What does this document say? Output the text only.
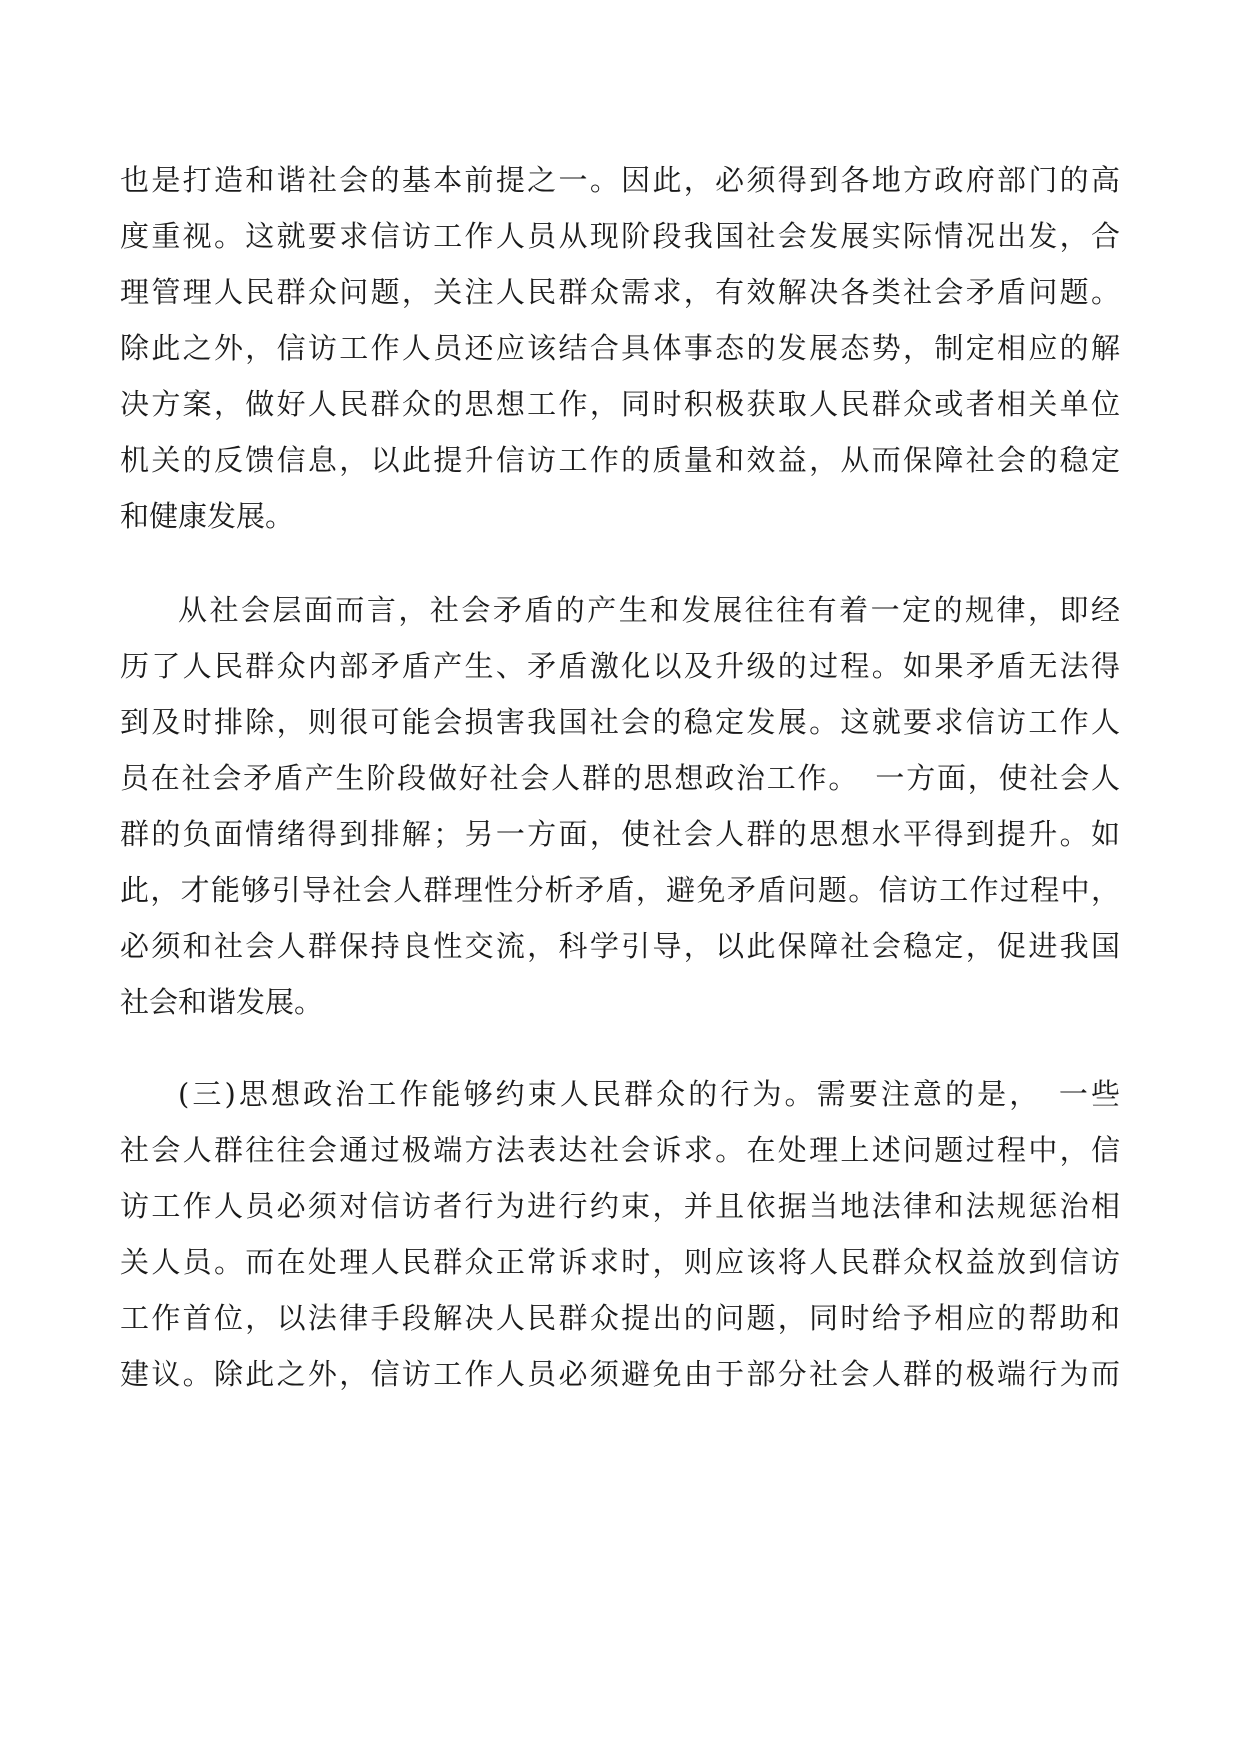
也是打造和谐社会的基本前提之一。因此，必须得到各地方政府部门的高

度重视。这就要求信访工作人员从现阶段我国社会发展实际情况出发，合

理管理人民群众问题，关注人民群众需求，有效解决各类社会矛盾问题。

除此之外，信访工作人员还应该结合具体事态的发展态势，制定相应的解

决方案，做好人民群众的思想工作，同时积极获取人民群众或者相关单位

机关的反馈信息，以此提升信访工作的质量和效益，从而保障社会的稳定

和健康发展。

从社会层面而言，社会矛盾的产生和发展往往有着一定的规律，即经

历了人民群众内部矛盾产生、矛盾激化以及升级的过程。如果矛盾无法得

到及时排除，则很可能会损害我国社会的稳定发展。这就要求信访工作人

员在社会矛盾产生阶段做好社会人群的思想政治工作。　一方面，使社会人

群的负面情绪得到排解；另一方面，使社会人群的思想水平得到提升。如

此，才能够引导社会人群理性分析矛盾，避免矛盾问题。信访工作过程中，

必须和社会人群保持良性交流，科学引导，以此保障社会稳定，促进我国

社会和谐发展。

(三)思想政治工作能够约束人民群众的行为。需要注意的是，　一些

社会人群往往会通过极端方法表达社会诉求。在处理上述问题过程中，信

访工作人员必须对信访者行为进行约束，并且依据当地法律和法规惩治相

关人员。而在处理人民群众正常诉求时，则应该将人民群众权益放到信访

工作首位，以法律手段解决人民群众提出的问题，同时给予相应的帮助和

建议。除此之外，信访工作人员必须避免由于部分社会人群的极端行为而
